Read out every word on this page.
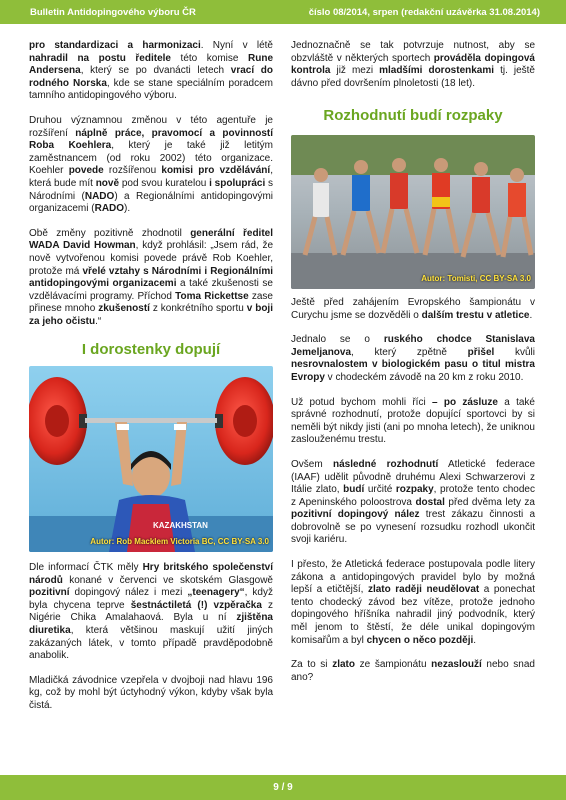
Bulletin Antidopingového výboru ČR	číslo 08/2014, srpen (redakční uzávěrka 31.08.2014)

pro standardizaci a harmonizaci. Nyní v létě nahradil na postu ředitele této komise Rune Andersena, který se po dvanácti letech vrací do rodného Norska, kde se stane speciálním poradcem tamního antidopingového výboru.

Druhou významnou změnou v této agentuře je rozšíření náplně práce, pravomocí a povinností Roba Koehlera, který je také již letitým zaměstnancem (od roku 2002) této organizace. Koehler povede rozšířenou komisi pro vzdělávání, která bude mít nově pod svou kuratelou i spolupráci s Národními (NADO) a Regionálními antidopingovými organizacemi (RADO).

Obě změny pozitivně zhodnotil generální ředitel WADA David Howman, když prohlásil: „Jsem rád, že nově vytvořenou komisi povede právě Rob Koehler, protože má vřelé vztahy s Národními i Regionálními antidopingovými organizacemi a také zkušenosti se vzdělávacími programy. Příchod Toma Rickettse zase přinese mnoho zkušeností z konkrétního sportu v boji za jeho očistu.“

I dorostenky dopují
KAZAKHSTAN
Autor: Rob Macklem Victoria BC, CC BY-SA 3.0

Dle informací ČTK měly Hry britského společenství národů konané v červenci ve skotském Glasgowě pozitivní dopingový nález i mezi „teenagery“, když byla chycena teprve šestnáctiletá (!) vzpěračka z Nigérie Chika Amalahaová. Byla u ní zjištěna diuretika, která většinou maskují užití jiných zakázaných látek, v tomto případě pravděpodobně anabolik.

Mladičká závodnice vzepřela v dvojboji nad hlavu 196 kg, což by mohl být úctyhodný výkon, kdyby však byla čistá.

Jednoznačně se tak potvrzuje nutnost, aby se obzvláště v některých sportech prováděla dopingová kontrola již mezi mladšími dorostenkami tj. ještě dávno před dovršením plnoletosti (18 let).

Rozhodnutí budí rozpaky
Autor: Tomisti, CC BY-SA 3.0

Ještě před zahájením Evropského šampionátu v Curychu jsme se dozvěděli o dalším trestu v atletice.

Jednalo se o ruského chodce Stanislava Jemeljanova, který zpětně přišel kvůli nesrovnalostem v biologickém pasu o titul mistra Evropy v chodeckém závodě na 20 km z roku 2010.

Už potud bychom mohli říci – po zásluze a také správné rozhodnutí, protože dopující sportovci by si neměli být nikdy jisti (ani po mnoha letech), že uniknou zaslouženému trestu.

Ovšem následné rozhodnutí Atletické federace (IAAF) udělit původně druhému Alexi Schwarzerovi z Itálie zlato, budí určité rozpaky, protože tento chodec z Apeninského poloostrova dostal před dvěma lety za pozitivní dopingový nález trest zákazu činnosti a dobrovolně se po vynesení rozsudku rozhodl ukončit svoji kariéru.

I přesto, že Atletická federace postupovala podle litery zákona a antidopingových pravidel bylo by možná lepší a etičtější, zlato raději neudělovat a ponechat tento chodecký závod bez vítěze, protože jednoho dopingového hříšníka nahradil jiný podvodník, který měl jenom to štěstí, že déle unikal dopingovým komisařům a byl chycen o něco později.

Za to si zlato ze šampionátu nezaslouží nebo snad ano?

9 / 9
